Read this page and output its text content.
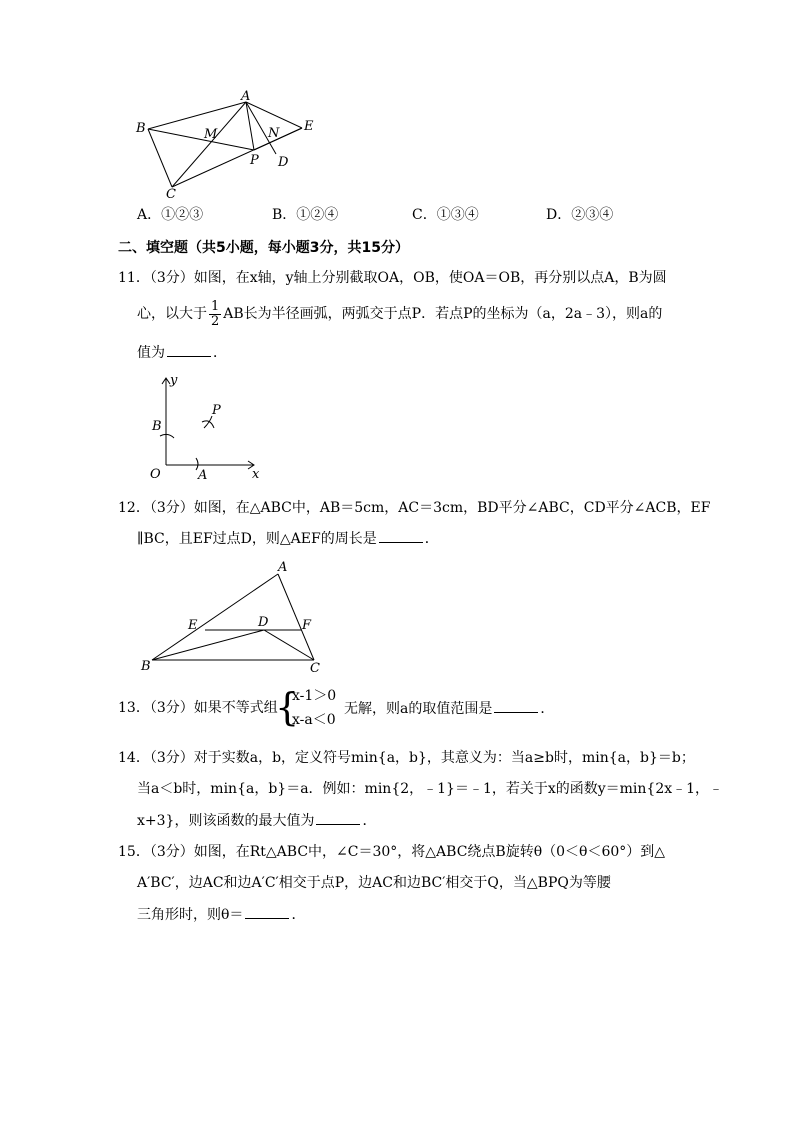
A
B
C
D
E
M	N
P
A．①②③	B．①②④	C．①③④	D．②③④
二、填空题（共5小题，每小题3分，共15分）
11．（3分）如图，在x轴，y轴上分别截取OA，OB，使OA＝OB，再分别以点A，B为圆
心，以大于 $\frac{1}{2}$ AB长为半径画弧，两弧交于点P．若点P的坐标为（a，2a﹣3），则a的
值为	．
y
x
O	A
B
P
12．（3分）如图，在△ABC中，AB＝5cm，AC＝3cm，BD平分∠ABC，CD平分∠ACB，EF
∥BC，且EF过点D，则△AEF的周长是	．
A
B	C
D
E	F
13．（3分）如果不等式组
{
x-1＞0
x-a＜0
无解，则a的取值范围是	．
14．（3分）对于实数a，b，定义符号min{a，b}，其意义为：当a≥b时，min{a，b}＝b；
当a＜b时，min{a，b}＝a．例如：min{2，﹣1}＝﹣1，若关于x的函数y＝min{2x﹣1，﹣
x+3}，则该函数的最大值为	．
15．（3分）如图，在Rt△ABC中，∠C＝30°，将△ABC绕点B旋转θ（0＜θ＜60°）到△
A′BC′，边AC和边A′C′相交于点P，边AC和边BC′相交于Q，当△BPQ为等腰
三角形时，则θ＝	．
